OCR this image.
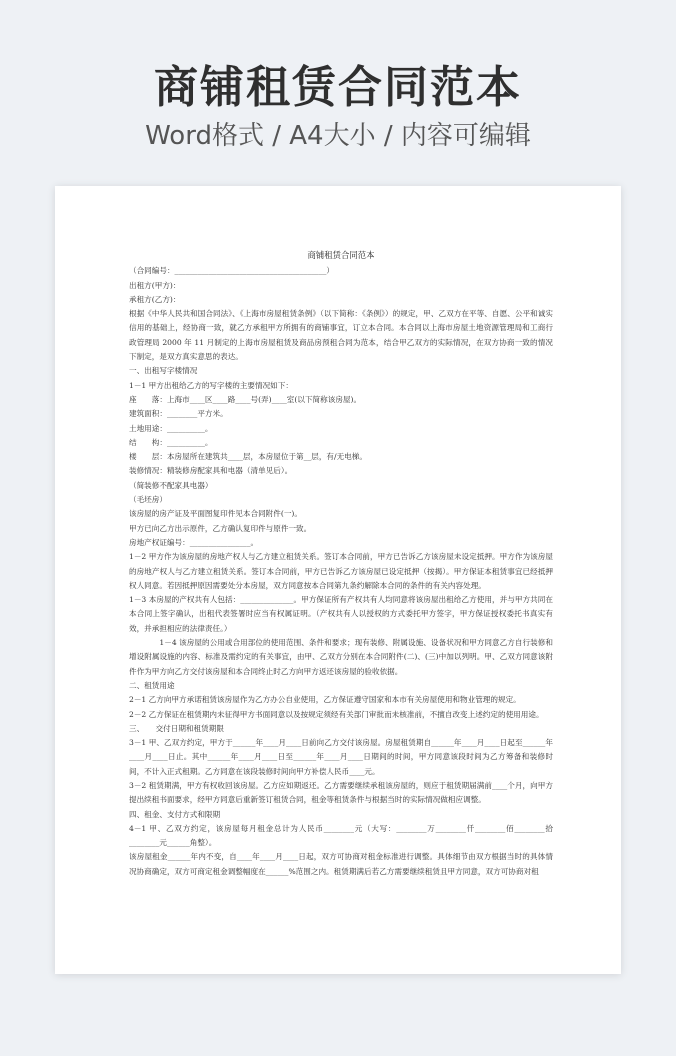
商铺租赁合同范本
Word格式 / A4大小 / 内容可编辑
商铺租赁合同范本

（合同编号：________________________________________）

出租方(甲方)：

承租方(乙方)：

根据《中华人民共和国合同法》、《上海市房屋租赁条例》（以下简称：《条例》）的规定，甲、乙双方在平等、自愿、公平和诚实信用的基础上，经协商一致，就乙方承租甲方所拥有的商铺事宜，订立本合同。本合同以上海市房屋土地资源管理局和工商行政管理局 2000 年 11 月制定的上海市房屋租赁及商品房预租合同为范本，结合甲乙双方的实际情况，在双方协商一致的情况下制定，是双方真实意思的表达。

一、出租写字楼情况

1－1 甲方出租给乙方的写字楼的主要情况如下：

座　　落：上海市____区____路____号(弄)____室(以下简称该房屋)。

建筑面积：________平方米。

土地用途：__________。

结　　构：__________。

楼　　层：本房屋所在建筑共____层，本房屋位于第__层，有/无电梯。

装修情况：精装修房配家具和电器（清单见后）。

（简装修不配家具电器）

（毛坯房）

该房屋的房产证及平面图复印件见本合同附件(一)。

甲方已向乙方出示原件，乙方确认复印件与原件一致。

房地产权证编号：________________。

1－2 甲方作为该房屋的房地产权人与乙方建立租赁关系。签订本合同前，甲方已告诉乙方该房屋未设定抵押。甲方作为该房屋的房地产权人与乙方建立租赁关系。签订本合同前，甲方已告诉乙方该房屋已设定抵押（按揭）。甲方保证本租赁事宜已经抵押权人同意。若因抵押原因需要处分本房屋，双方同意按本合同第九条约解除本合同的条件的有关内容处理。

1－3 本房屋的产权共有人包括：______________。甲方保证所有产权共有人均同意将该房屋出租给乙方使用，并与甲方共同在本合同上签字确认，出租代表签署时应当有权属证明。（产权共有人以授权的方式委托甲方签字，甲方保证授权委托书真实有效，并承担相应的法律责任。）

1－4 该房屋的公用或合用部位的使用范围、条件和要求；现有装修、附属设施、设备状况和甲方同意乙方自行装修和增设附属设施的内容、标准及需约定的有关事宜，由甲、乙双方分别在本合同附件(二)、(三)中加以列明。甲、乙双方同意该附件作为甲方向乙方交付该房屋和本合同终止时乙方向甲方返还该房屋的验收依据。

二、租赁用途

2－1 乙方向甲方承诺租赁该房屋作为乙方办公自业使用，乙方保证遵守国家和本市有关房屋使用和物业管理的规定。

2－2 乙方保证在租赁期内未征得甲方书面同意以及按规定须经有关部门审批而未核准前，不擅自改变上述约定的使用用途。

三、　　交付日期和租赁期限

3－1 甲、乙双方约定，甲方于______年____月____日前向乙方交付该房屋。房屋租赁期自______年____月____日起至______年____月____日止。其中______年____月____日至______年____月____日期间的时间，甲方同意该段时间为乙方筹备和装修时间，不计入正式租期。乙方同意在该段装修时间向甲方补偿人民币____元。

3－2 租赁期满，甲方有权收回该房屋。乙方应如期返还。乙方需要继续承租该房屋的，则应于租赁期届满前____个月，向甲方提出续租书面要求，经甲方同意后重新签订租赁合同，租金等租赁条件与根据当时的实际情况做相应调整。

四、租金、支付方式和限期

4－1 甲、乙双方约定，该房屋每月租金总计为人民币________元（大写：________万________仟________佰________拾________元______角整）。

该房屋租金______年内不变，自____年____月____日起，双方可协商对租金标准进行调整。具体细节由双方根据当时的具体情况协商确定，双方可商定租金调整幅度在______%范围之内。租赁期满后若乙方需要继续租赁且甲方同意，双方可协商对租
